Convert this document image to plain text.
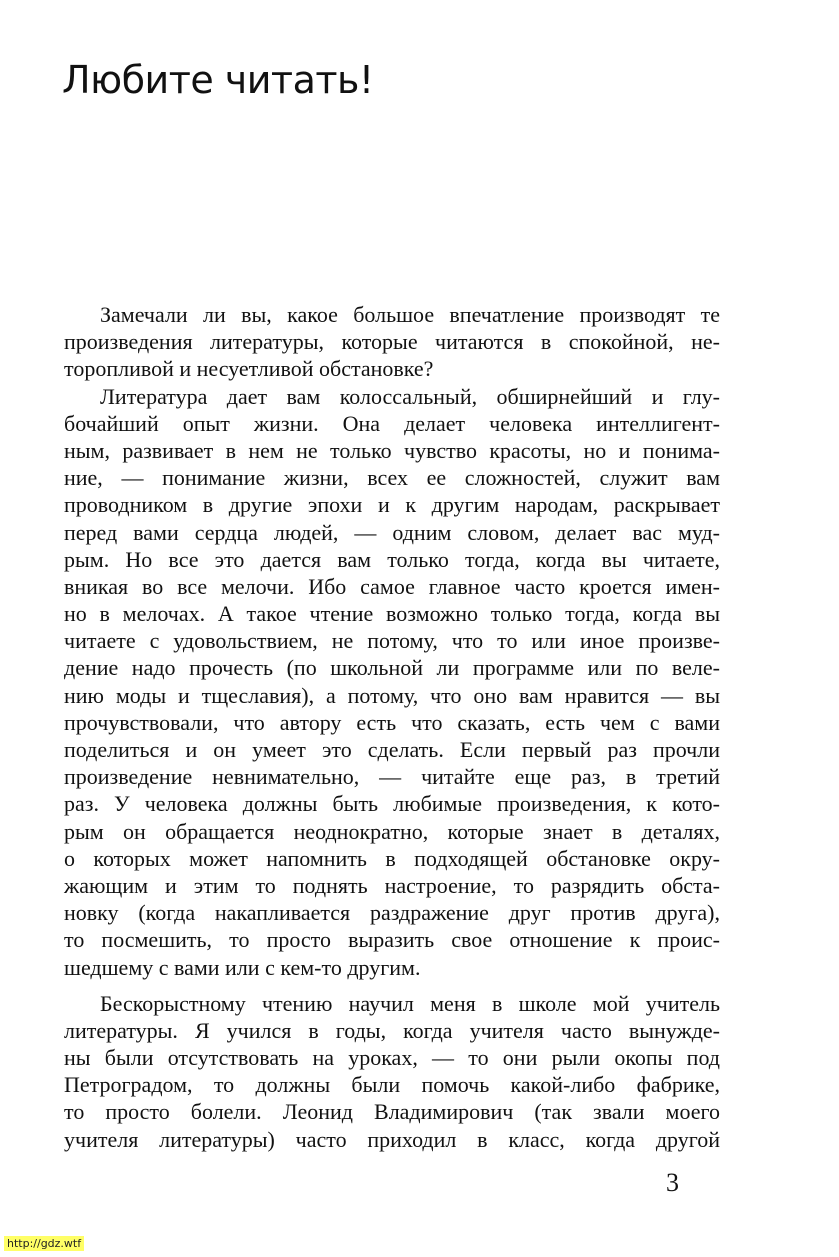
Любите читать!

Замечали ли вы, какое большое впечатление производят те
произведения литературы, которые читаются в спокойной, не-
торопливой и несуетливой обстановке?

Литература дает вам колоссальный, обширнейший и глу-
бочайший опыт жизни. Она делает человека интеллигент-
ным, развивает в нем не только чувство красоты, но и понима-
ние, — понимание жизни, всех ее сложностей, служит вам
проводником в другие эпохи и к другим народам, раскрывает
перед вами сердца людей, — одним словом, делает вас муд-
рым. Но все это дается вам только тогда, когда вы читаете,
вникая во все мелочи. Ибо самое главное часто кроется имен-
но в мелочах. А такое чтение возможно только тогда, когда вы
читаете с удовольствием, не потому, что то или иное произве-
дение надо прочесть (по школьной ли программе или по веле-
нию моды и тщеславия), а потому, что оно вам нравится — вы
прочувствовали, что автору есть что сказать, есть чем с вами
поделиться и он умеет это сделать. Если первый раз прочли
произведение невнимательно, — читайте еще раз, в третий
раз. У человека должны быть любимые произведения, к кото-
рым он обращается неоднократно, которые знает в деталях,
о которых может напомнить в подходящей обстановке окру-
жающим и этим то поднять настроение, то разрядить обста-
новку (когда накапливается раздражение друг против друга),
то посмешить, то просто выразить свое отношение к проис-
шедшему с вами или с кем-то другим.

Бескорыстному чтению научил меня в школе мой учитель
литературы. Я учился в годы, когда учителя часто вынужде-
ны были отсутствовать на уроках, — то они рыли окопы под
Петроградом, то должны были помочь какой-либо фабрике,
то просто болели. Леонид Владимирович (так звали моего
учителя литературы) часто приходил в класс, когда другой

3
http://gdz.wtf
